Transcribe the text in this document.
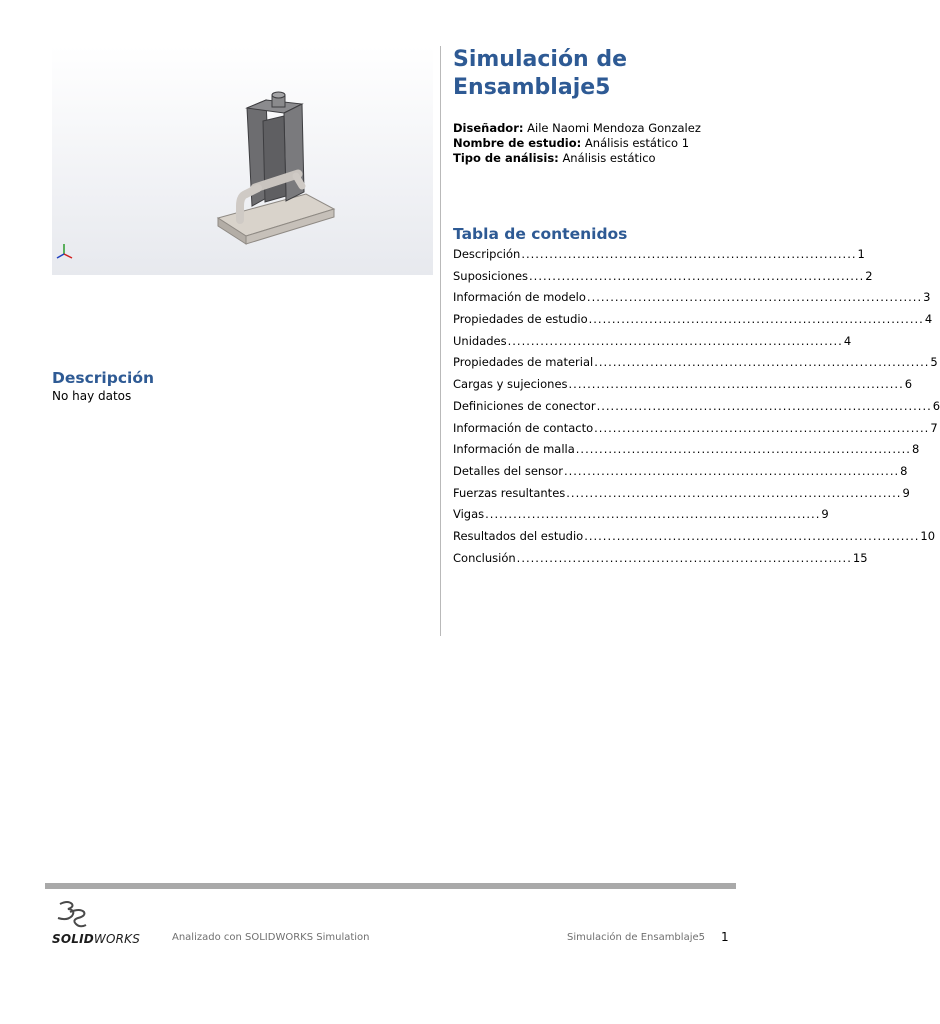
Simulación de Ensamblaje5
Diseñador: Aile Naomi Mendoza Gonzalez
Nombre de estudio: Análisis estático 1
Tipo de análisis: Análisis estático
Tabla de contenidos
Descripción ........................................................................ 1
Suposiciones ........................................................................ 2
Información de modelo ........................................................................ 3
Propiedades de estudio ........................................................................ 4
Unidades ........................................................................ 4
Propiedades de material ........................................................................ 5
Cargas y sujeciones ........................................................................ 6
Definiciones de conector ........................................................................ 6
Información de contacto ........................................................................ 7
Información de malla ........................................................................ 8
Detalles del sensor ........................................................................ 8
Fuerzas resultantes ........................................................................ 9
Vigas ........................................................................ 9
Resultados del estudio ........................................................................ 10
Conclusión ........................................................................ 15
Descripción
No hay datos
SOLIDWORKS	Analizado con SOLIDWORKS Simulation	Simulación de Ensamblaje5 1
